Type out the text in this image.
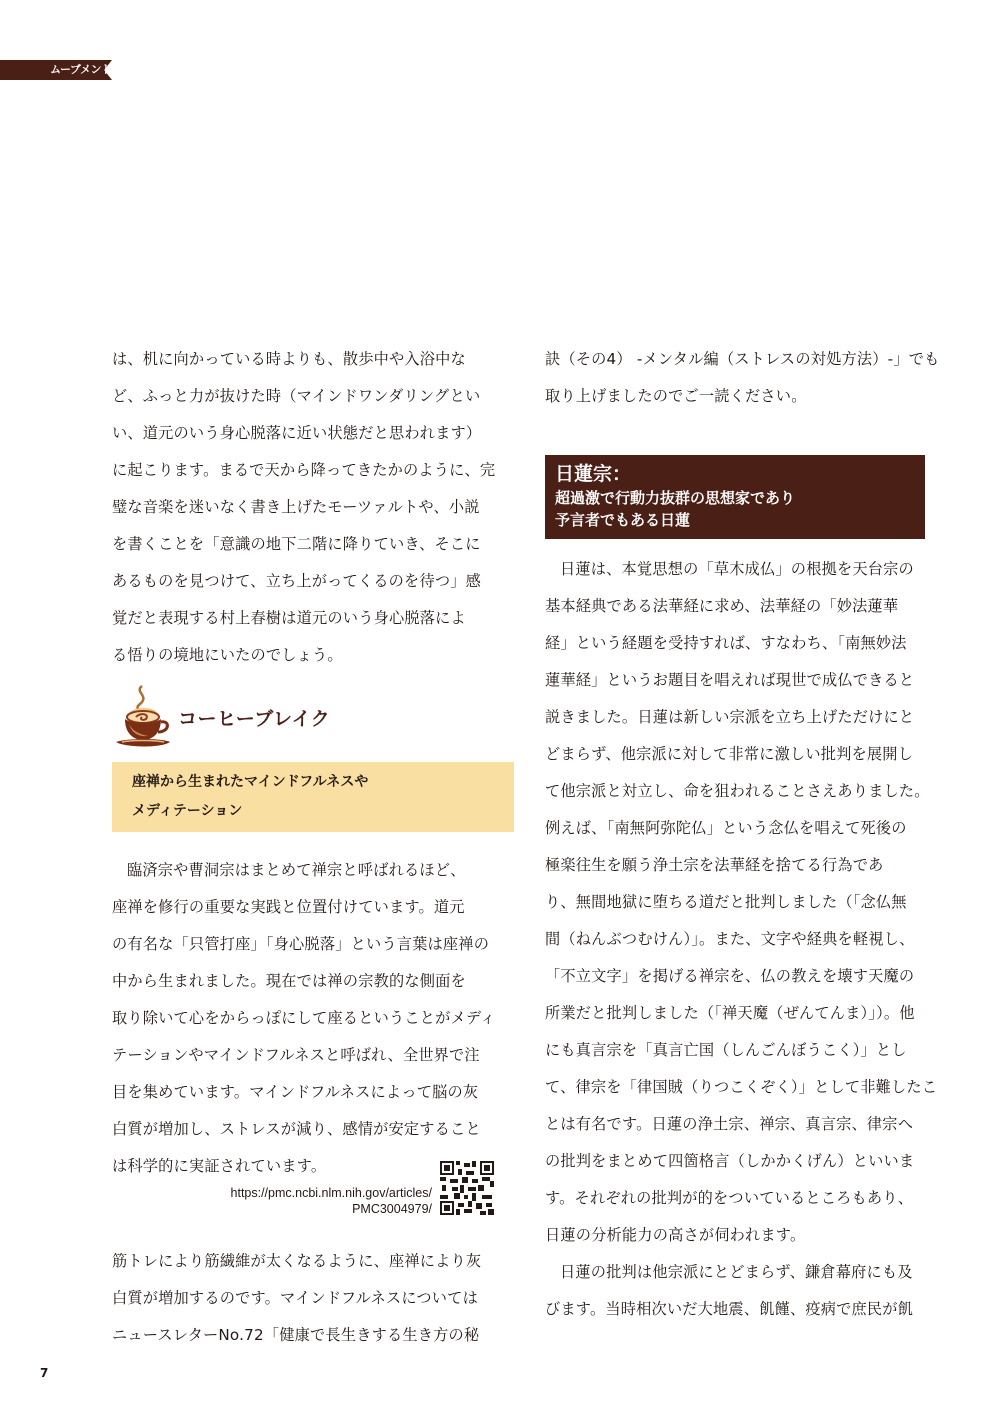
ムーブメント
は、机に向かっている時よりも、散歩中や入浴中な
ど、ふっと力が抜けた時（マインドワンダリングとい
い、道元のいう身心脱落に近い状態だと思われます）
に起こります。まるで天から降ってきたかのように、完
璧な音楽を迷いなく書き上げたモーツァルトや、小説
を書くことを「意識の地下二階に降りていき、そこに
あるものを見つけて、立ち上がってくるのを待つ」感
覚だと表現する村上春樹は道元のいう身心脱落によ
る悟りの境地にいたのでしょう。
コーヒーブレイク
座禅から生まれたマインドフルネスや
メディテーション
臨済宗や曹洞宗はまとめて禅宗と呼ばれるほど、
座禅を修行の重要な実践と位置付けています。道元
の有名な「只管打座」「身心脱落」という言葉は座禅の
中から生まれました。現在では禅の宗教的な側面を
取り除いて心をからっぽにして座るということがメディ
テーションやマインドフルネスと呼ばれ、全世界で注
目を集めています。マインドフルネスによって脳の灰
白質が増加し、ストレスが減り、感情が安定すること
は科学的に実証されています。
https://pmc.ncbi.nlm.nih.gov/articles/
PMC3004979/
筋トレにより筋繊維が太くなるように、座禅により灰
白質が増加するのです。マインドフルネスについては
ニュースレターNo.72「健康で長生きする生き方の秘
訣（その4） -メンタル編（ストレスの対処方法）-」でも
取り上げましたのでご一読ください。
日蓮宗：
超過激で行動力抜群の思想家であり
予言者でもある日蓮
日蓮は、本覚思想の「草木成仏」の根拠を天台宗の
基本経典である法華経に求め、法華経の「妙法蓮華
経」という経題を受持すれば、すなわち、「南無妙法
蓮華経」というお題目を唱えれば現世で成仏できると
説きました。日蓮は新しい宗派を立ち上げただけにと
どまらず、他宗派に対して非常に激しい批判を展開し
て他宗派と対立し、命を狙われることさえありました。
例えば、「南無阿弥陀仏」という念仏を唱えて死後の
極楽往生を願う浄土宗を法華経を捨てる行為であ
り、無間地獄に堕ちる道だと批判しました（「念仏無
間（ねんぶつむけん）」。また、文字や経典を軽視し、
「不立文字」を掲げる禅宗を、仏の教えを壊す天魔の
所業だと批判しました（「禅天魔（ぜんてんま）」）。他
にも真言宗を「真言亡国（しんごんぼうこく）」とし
て、律宗を「律国賊（りつこくぞく）」として非難したこ
とは有名です。日蓮の浄土宗、禅宗、真言宗、律宗へ
の批判をまとめて四箇格言（しかかくげん）といいま
す。それぞれの批判が的をついているところもあり、
日蓮の分析能力の高さが伺われます。
日蓮の批判は他宗派にとどまらず、鎌倉幕府にも及
びます。当時相次いだ大地震、飢饉、疫病で庶民が飢
7
